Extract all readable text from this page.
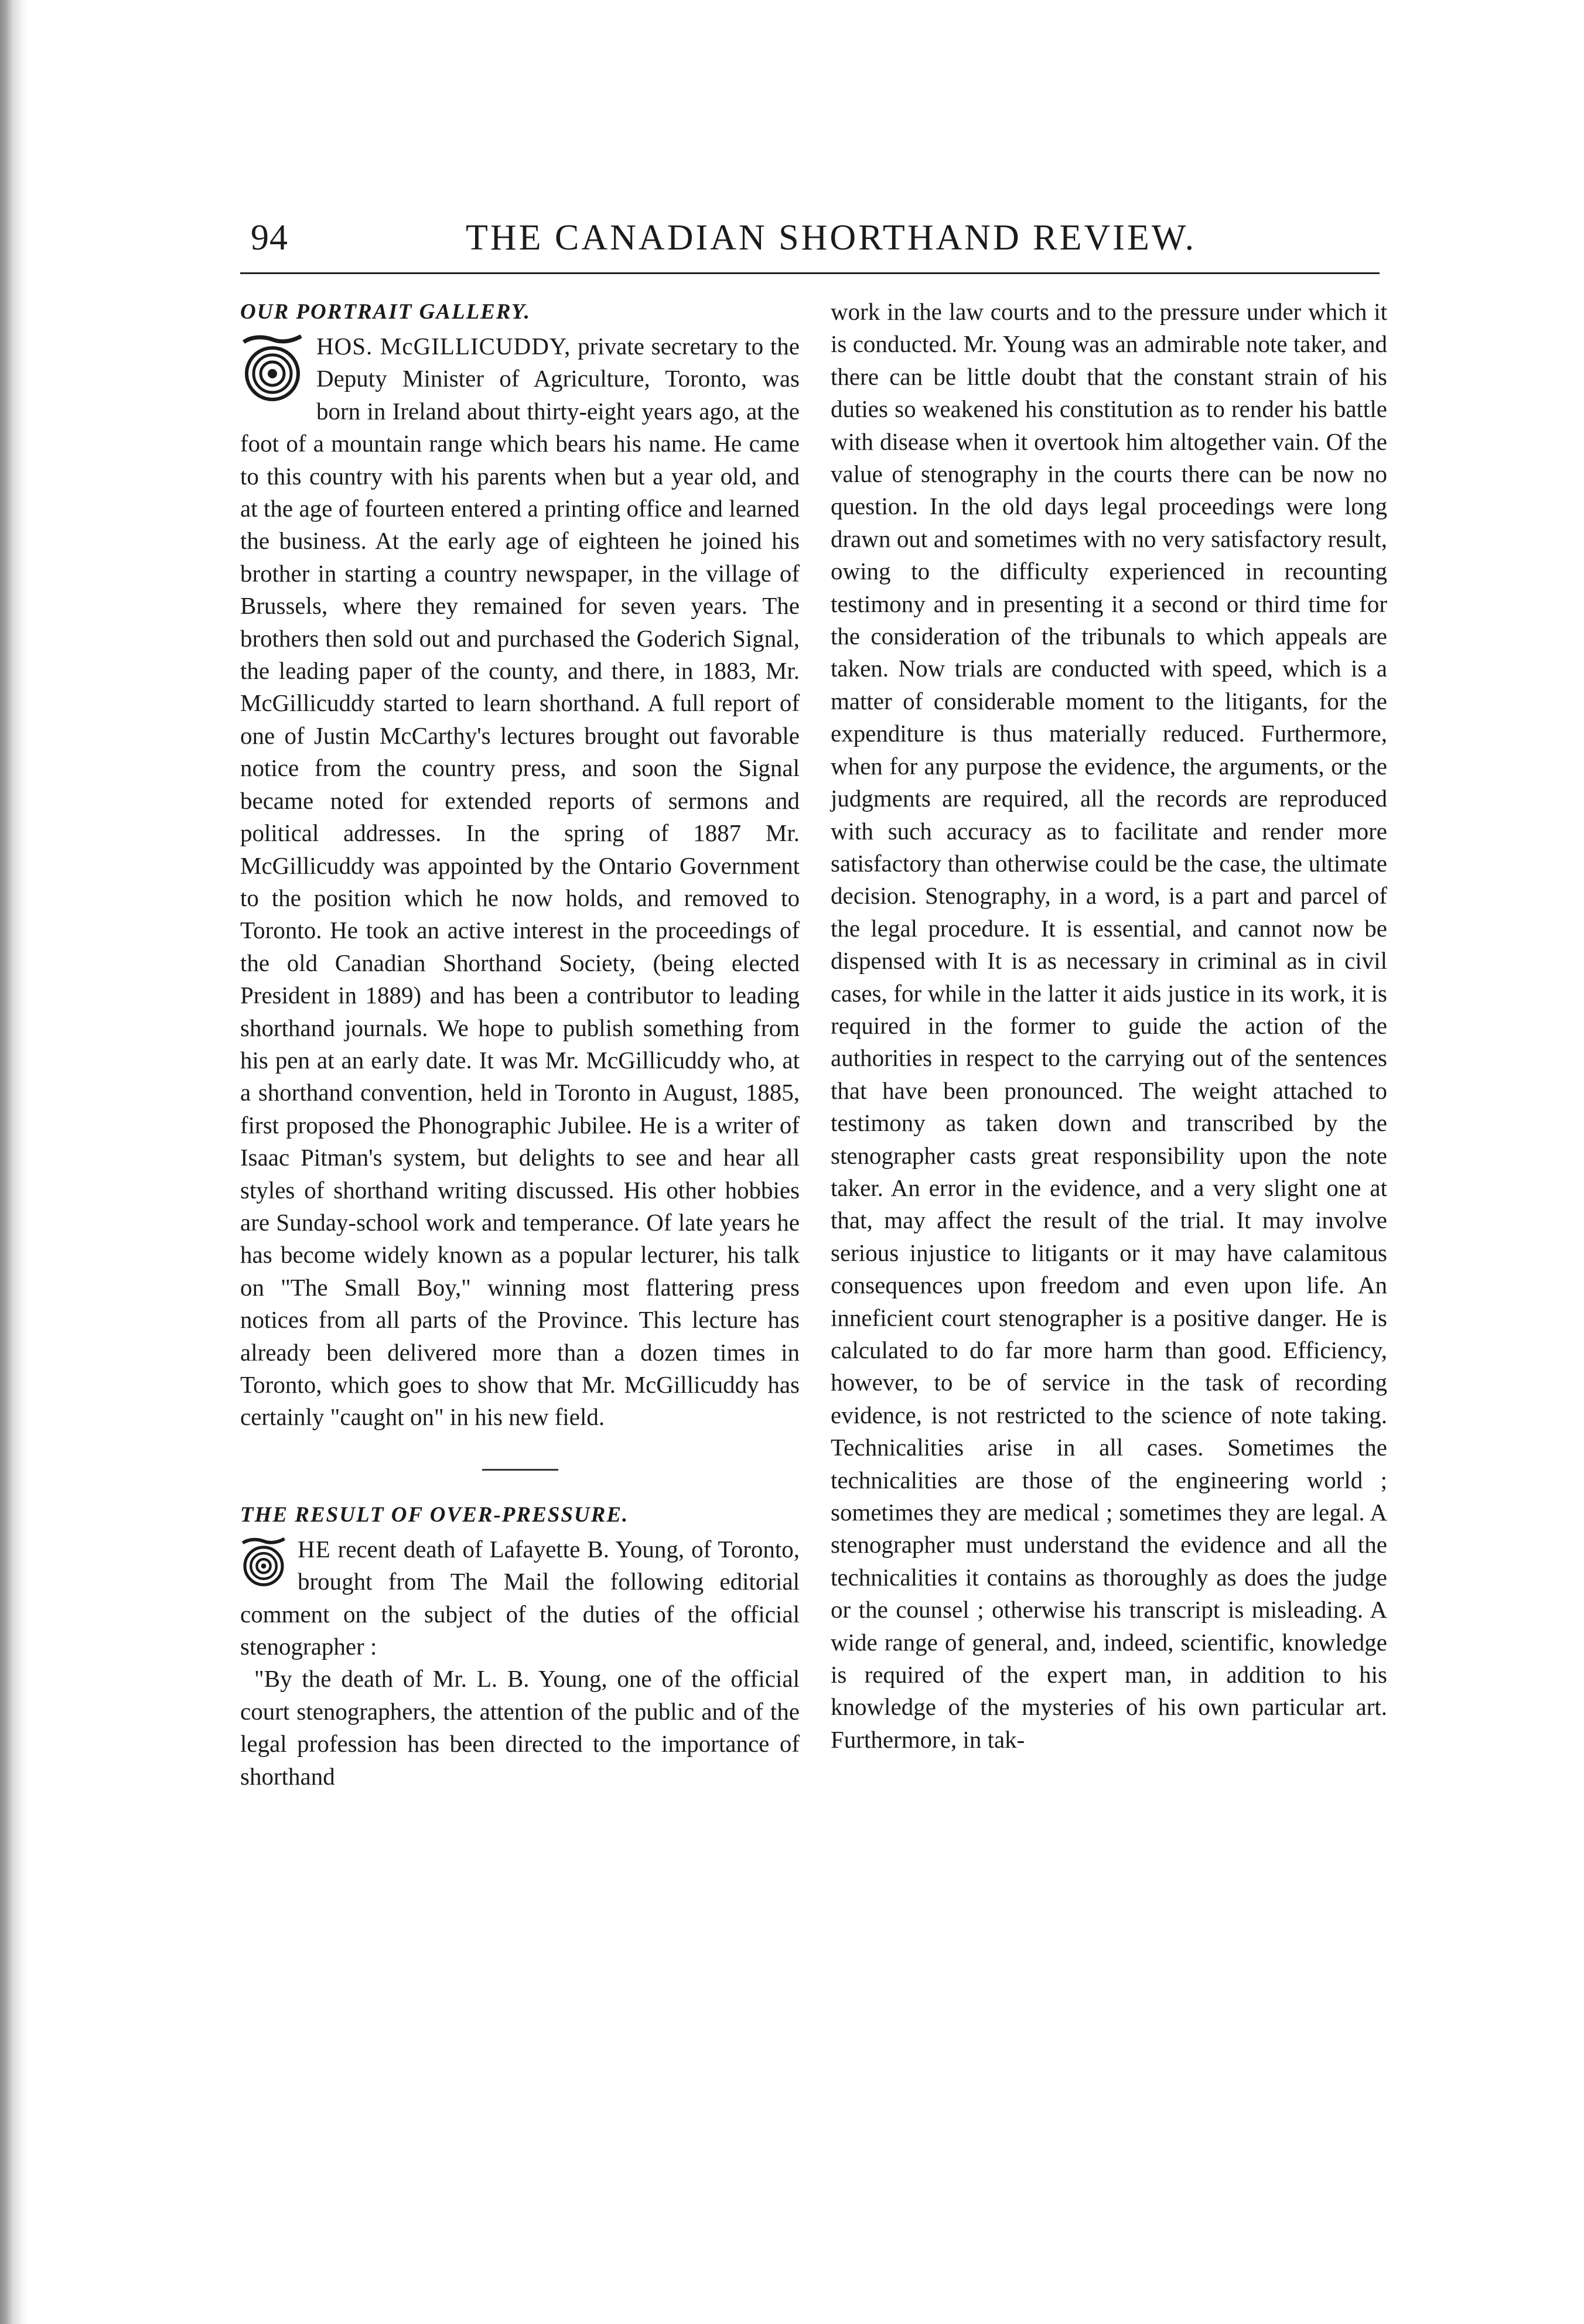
94	THE CANADIAN SHORTHAND REVIEW.
OUR PORTRAIT GALLERY.

HOS. McGILLICUDDY, private secretary to the Deputy Minister of Agriculture, Toronto, was born in Ireland about thirty-eight years ago, at the foot of a mountain range which bears his name. He came to this country with his parents when but a year old, and at the age of fourteen entered a printing office and learned the business. At the early age of eighteen he joined his brother in starting a country newspaper, in the village of Brussels, where they remained for seven years. The brothers then sold out and purchased the Goderich Signal, the leading paper of the county, and there, in 1883, Mr. McGillicuddy started to learn shorthand. A full report of one of Justin McCarthy's lectures brought out favorable notice from the country press, and soon the Signal became noted for extended reports of sermons and political addresses. In the spring of 1887 Mr. McGillicuddy was appointed by the Ontario Government to the position which he now holds, and removed to Toronto. He took an active interest in the proceedings of the old Canadian Shorthand Society, (being elected President in 1889) and has been a contributor to leading shorthand journals. We hope to publish something from his pen at an early date. It was Mr. McGillicuddy who, at a shorthand convention, held in Toronto in August, 1885, first proposed the Phonographic Jubilee. He is a writer of Isaac Pitman's system, but delights to see and hear all styles of shorthand writing discussed. His other hobbies are Sunday-school work and temperance. Of late years he has become widely known as a popular lecturer, his talk on "The Small Boy," winning most flattering press notices from all parts of the Province. This lecture has already been delivered more than a dozen times in Toronto, which goes to show that Mr. McGillicuddy has certainly "caught on" in his new field.

THE RESULT OF OVER-PRESSURE.

HE recent death of Lafayette B. Young, of Toronto, brought from The Mail the following editorial comment on the subject of the duties of the official stenographer :

"By the death of Mr. L. B. Young, one of the official court stenographers, the attention of the public and of the legal profession has been directed to the importance of shorthand

work in the law courts and to the pressure under which it is conducted. Mr. Young was an admirable note taker, and there can be little doubt that the constant strain of his duties so weakened his constitution as to render his battle with disease when it overtook him altogether vain. Of the value of stenography in the courts there can be now no question. In the old days legal proceedings were long drawn out and sometimes with no very satisfactory result, owing to the difficulty experienced in recounting testimony and in presenting it a second or third time for the consideration of the tribunals to which appeals are taken. Now trials are conducted with speed, which is a matter of considerable moment to the litigants, for the expenditure is thus materially reduced. Furthermore, when for any purpose the evidence, the arguments, or the judgments are required, all the records are reproduced with such accuracy as to facilitate and render more satisfactory than otherwise could be the case, the ultimate decision. Stenography, in a word, is a part and parcel of the legal procedure. It is essential, and cannot now be dispensed with It is as necessary in criminal as in civil cases, for while in the latter it aids justice in its work, it is required in the former to guide the action of the authorities in respect to the carrying out of the sentences that have been pronounced. The weight attached to testimony as taken down and transcribed by the stenographer casts great responsibility upon the note taker. An error in the evidence, and a very slight one at that, may affect the result of the trial. It may involve serious injustice to litigants or it may have calamitous consequences upon freedom and even upon life. An inneficient court stenographer is a positive danger. He is calculated to do far more harm than good. Efficiency, however, to be of service in the task of recording evidence, is not restricted to the science of note taking. Technicalities arise in all cases. Sometimes the technicalities are those of the engineering world ; sometimes they are medical ; sometimes they are legal. A stenographer must understand the evidence and all the technicalities it contains as thoroughly as does the judge or the counsel ; otherwise his transcript is misleading. A wide range of general, and, indeed, scientific, knowledge is required of the expert man, in addition to his knowledge of the mysteries of his own particular art. Furthermore, in tak-
